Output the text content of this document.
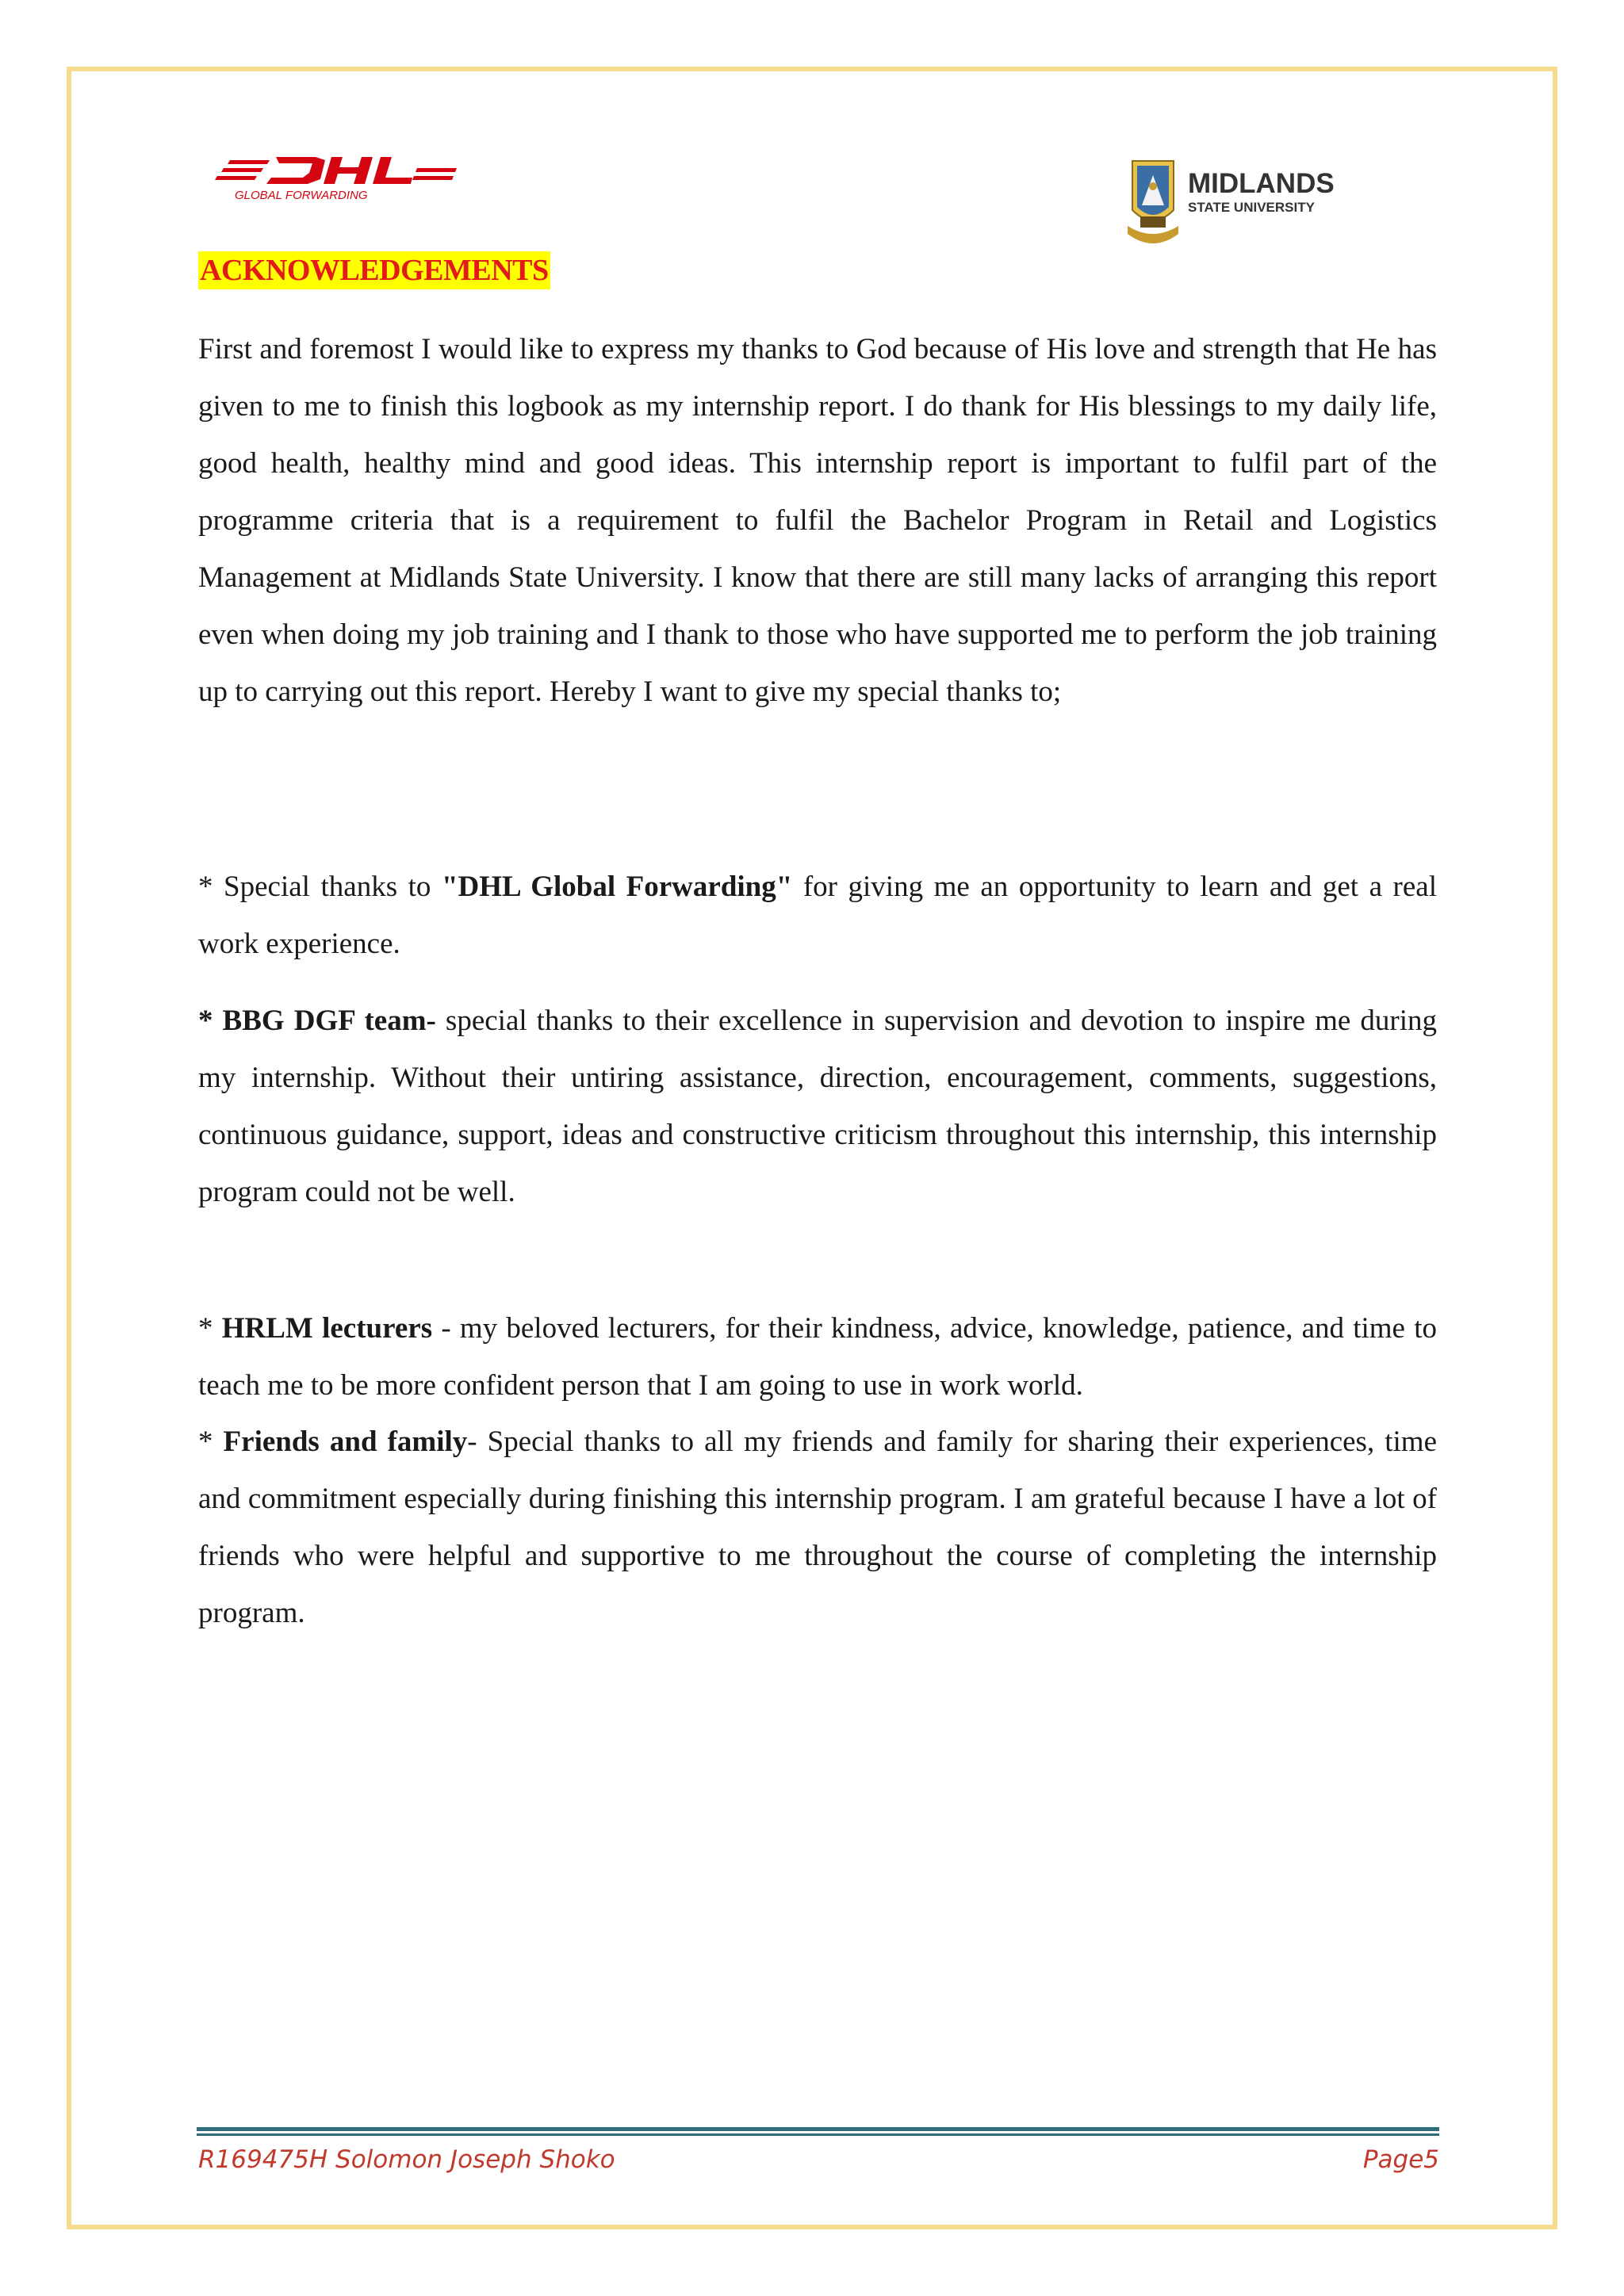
GLOBAL FORWARDING	MIDLANDS
STATE UNIVERSITY
ACKNOWLEDGEMENTS

First and foremost I would like to express my thanks to God because of His love and strength that He has given to me to finish this logbook as my internship report. I do thank for His blessings to my daily life, good health, healthy mind and good ideas. This internship report is important to fulfil part of the programme criteria that is a requirement to fulfil the Bachelor Program in Retail and Logistics Management at Midlands State University. I know that there are still many lacks of arranging this report even when doing my job training and I thank to those who have supported me to perform the job training up to carrying out this report. Hereby I want to give my special thanks to;

* Special thanks to "DHL Global Forwarding" for giving me an opportunity to learn and get a real work experience.

* BBG DGF team- special thanks to their excellence in supervision and devotion to inspire me during my internship. Without their untiring assistance, direction, encouragement, comments, suggestions, continuous guidance, support, ideas and constructive criticism throughout this internship, this internship program could not be well.

* HRLM lecturers - my beloved lecturers, for their kindness, advice, knowledge, patience, and time to teach me to be more confident person that I am going to use in work world.

* Friends and family- Special thanks to all my friends and family for sharing their experiences, time and commitment especially during finishing this internship program. I am grateful because I have a lot of friends who were helpful and supportive to me throughout the course of completing the internship program.

R169475H Solomon Joseph Shoko	Page5
